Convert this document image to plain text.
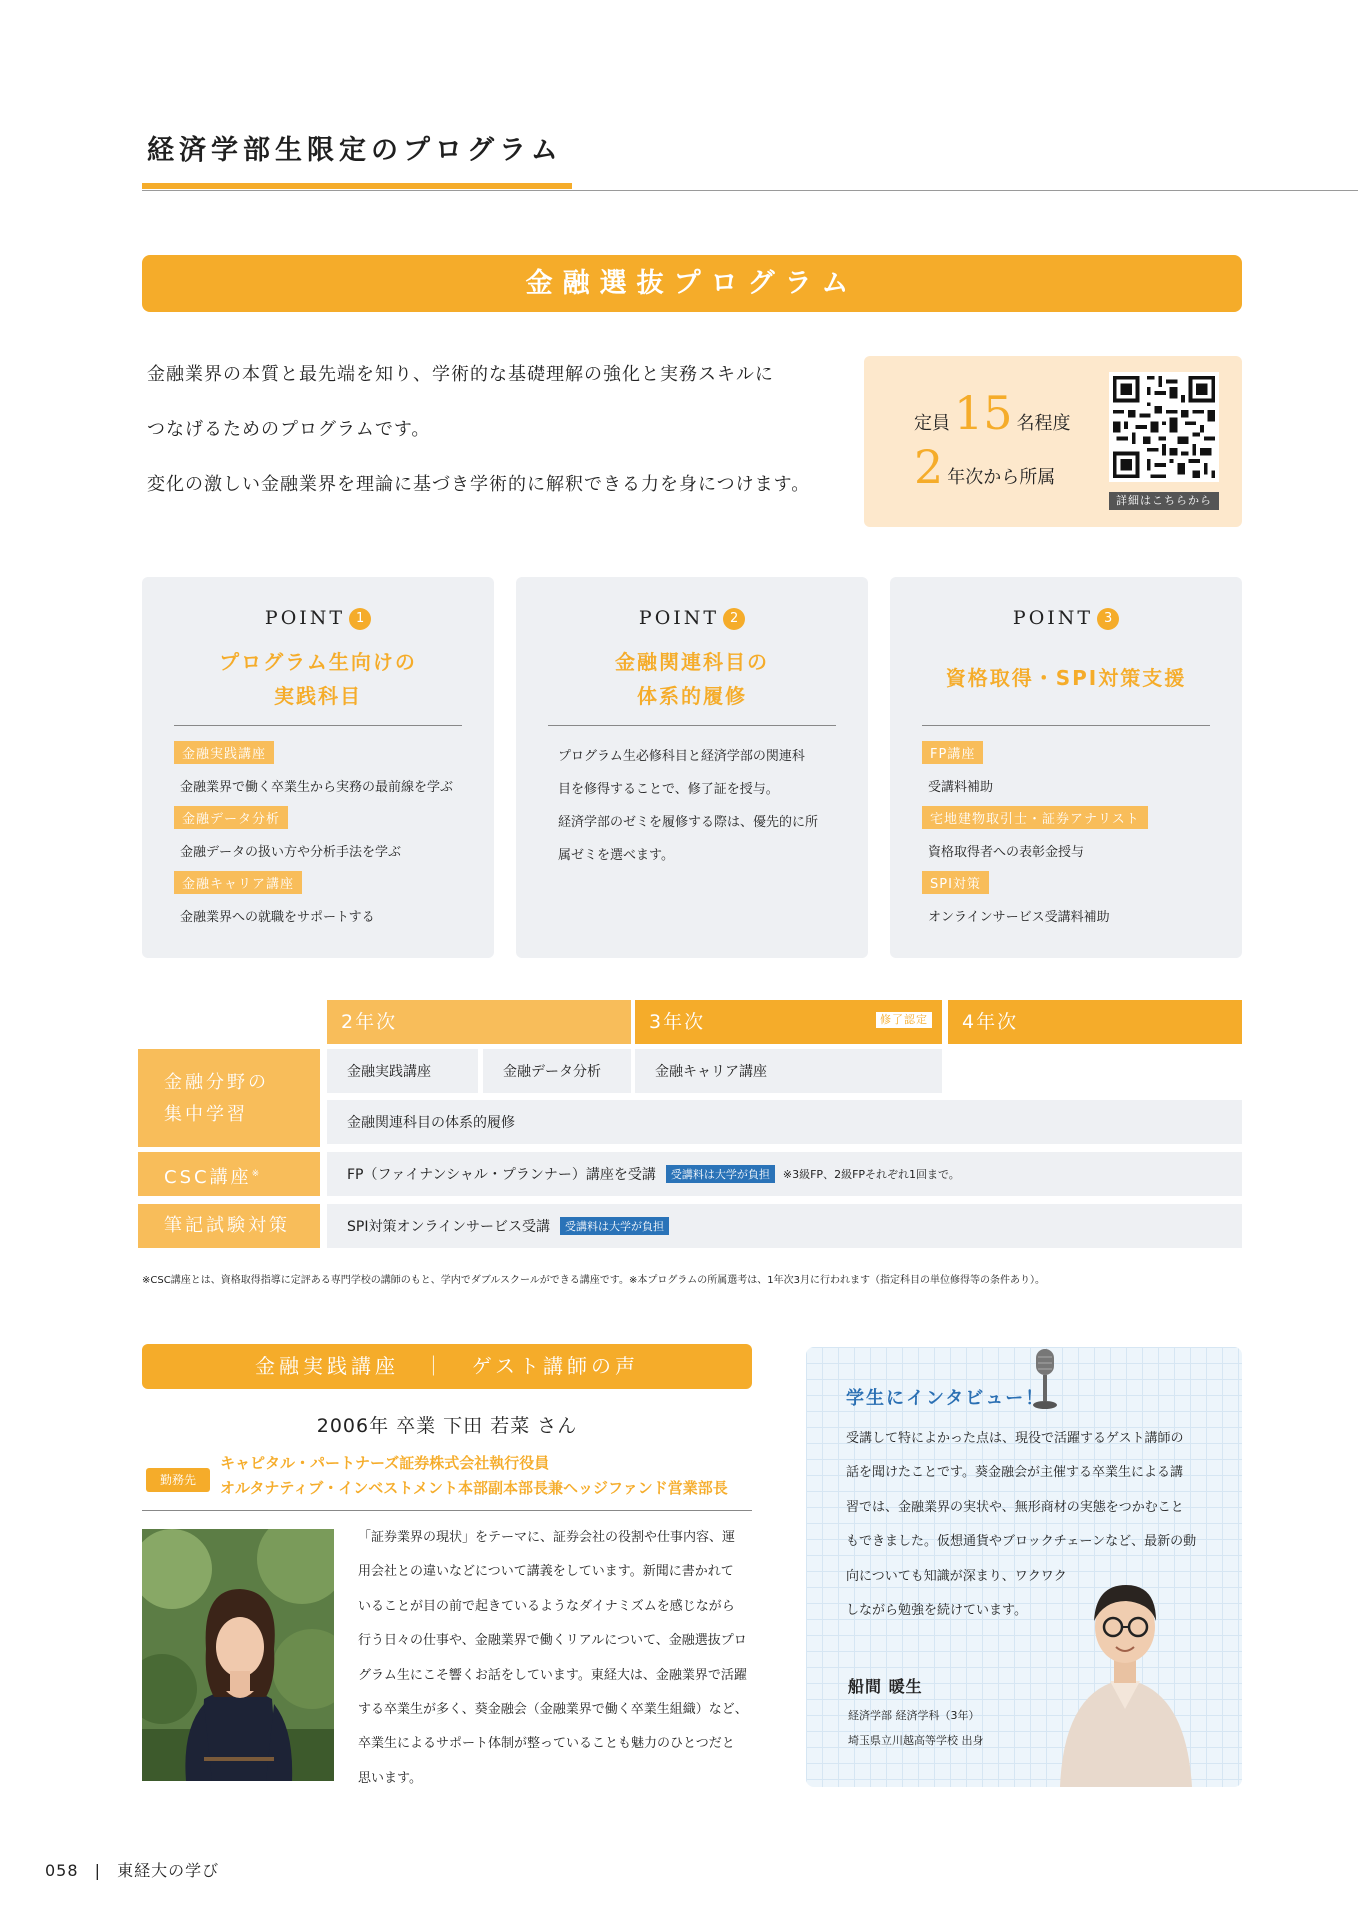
経済学部生限定のプログラム
金融選抜プログラム
金融業界の本質と最先端を知り、学術的な基礎理解の強化と実務スキルに
つなげるためのプログラムです。
変化の激しい金融業界を理論に基づき学術的に解釈できる力を身につけます。
定員 15 名程度
2 年次から所属
詳細はこちらから
POINT 1
プログラム生向けの
実践科目
金融実践講座
金融業界で働く卒業生から実務の最前線を学ぶ
金融データ分析
金融データの扱い方や分析手法を学ぶ
金融キャリア講座
金融業界への就職をサポートする
POINT 2
金融関連科目の
体系的履修
プログラム生必修科目と経済学部の関連科
目を修得することで、修了証を授与。
経済学部のゼミを履修する際は、優先的に所
属ゼミを選べます。
POINT 3
資格取得・SPI対策支援
FP講座
受講料補助
宅地建物取引士・証券アナリスト
資格取得者への表彰金授与
SPI対策
オンラインサービス受講料補助
2年次	3年次	修了認定	4年次
金融分野の
集中学習
金融実践講座	金融データ分析	金融キャリア講座
金融関連科目の体系的履修
CSC講座※	FP（ファイナンシャル・プランナー）講座を受講	受講料は大学が負担	※3級FP、2級FPそれぞれ1回まで。
筆記試験対策	SPI対策オンラインサービス受講	受講料は大学が負担
※CSC講座とは、資格取得指導に定評ある専門学校の講師のもと、学内でダブルスクールができる講座です。※本プログラムの所属選考は、1年次3月に行われます（指定科目の単位修得等の条件あり）。
金融実践講座 ｜ ゲスト講師の声
2006年 卒業 下田 若菜 さん
勤務先
キャピタル・パートナーズ証券株式会社執行役員
オルタナティブ・インベストメント本部副本部長兼ヘッジファンド営業部長
「証券業界の現状」をテーマに、証券会社の役割や仕事内容、運
用会社との違いなどについて講義をしています。新聞に書かれて
いることが目の前で起きているようなダイナミズムを感じながら
行う日々の仕事や、金融業界で働くリアルについて、金融選抜プロ
グラム生にこそ響くお話をしています。東経大は、金融業界で活躍
する卒業生が多く、葵金融会（金融業界で働く卒業生組織）など、
卒業生によるサポート体制が整っていることも魅力のひとつだと
思います。
学生にインタビュー！
受講して特によかった点は、現役で活躍するゲスト講師の
話を聞けたことです。葵金融会が主催する卒業生による講
習では、金融業界の実状や、無形商材の実態をつかむこと
もできました。仮想通貨やブロックチェーンなど、最新の動
向についても知識が深まり、ワクワク
しながら勉強を続けています。
船間 暖生
経済学部 経済学科（3年）
埼玉県立川越高等学校 出身
058 | 東経大の学び
